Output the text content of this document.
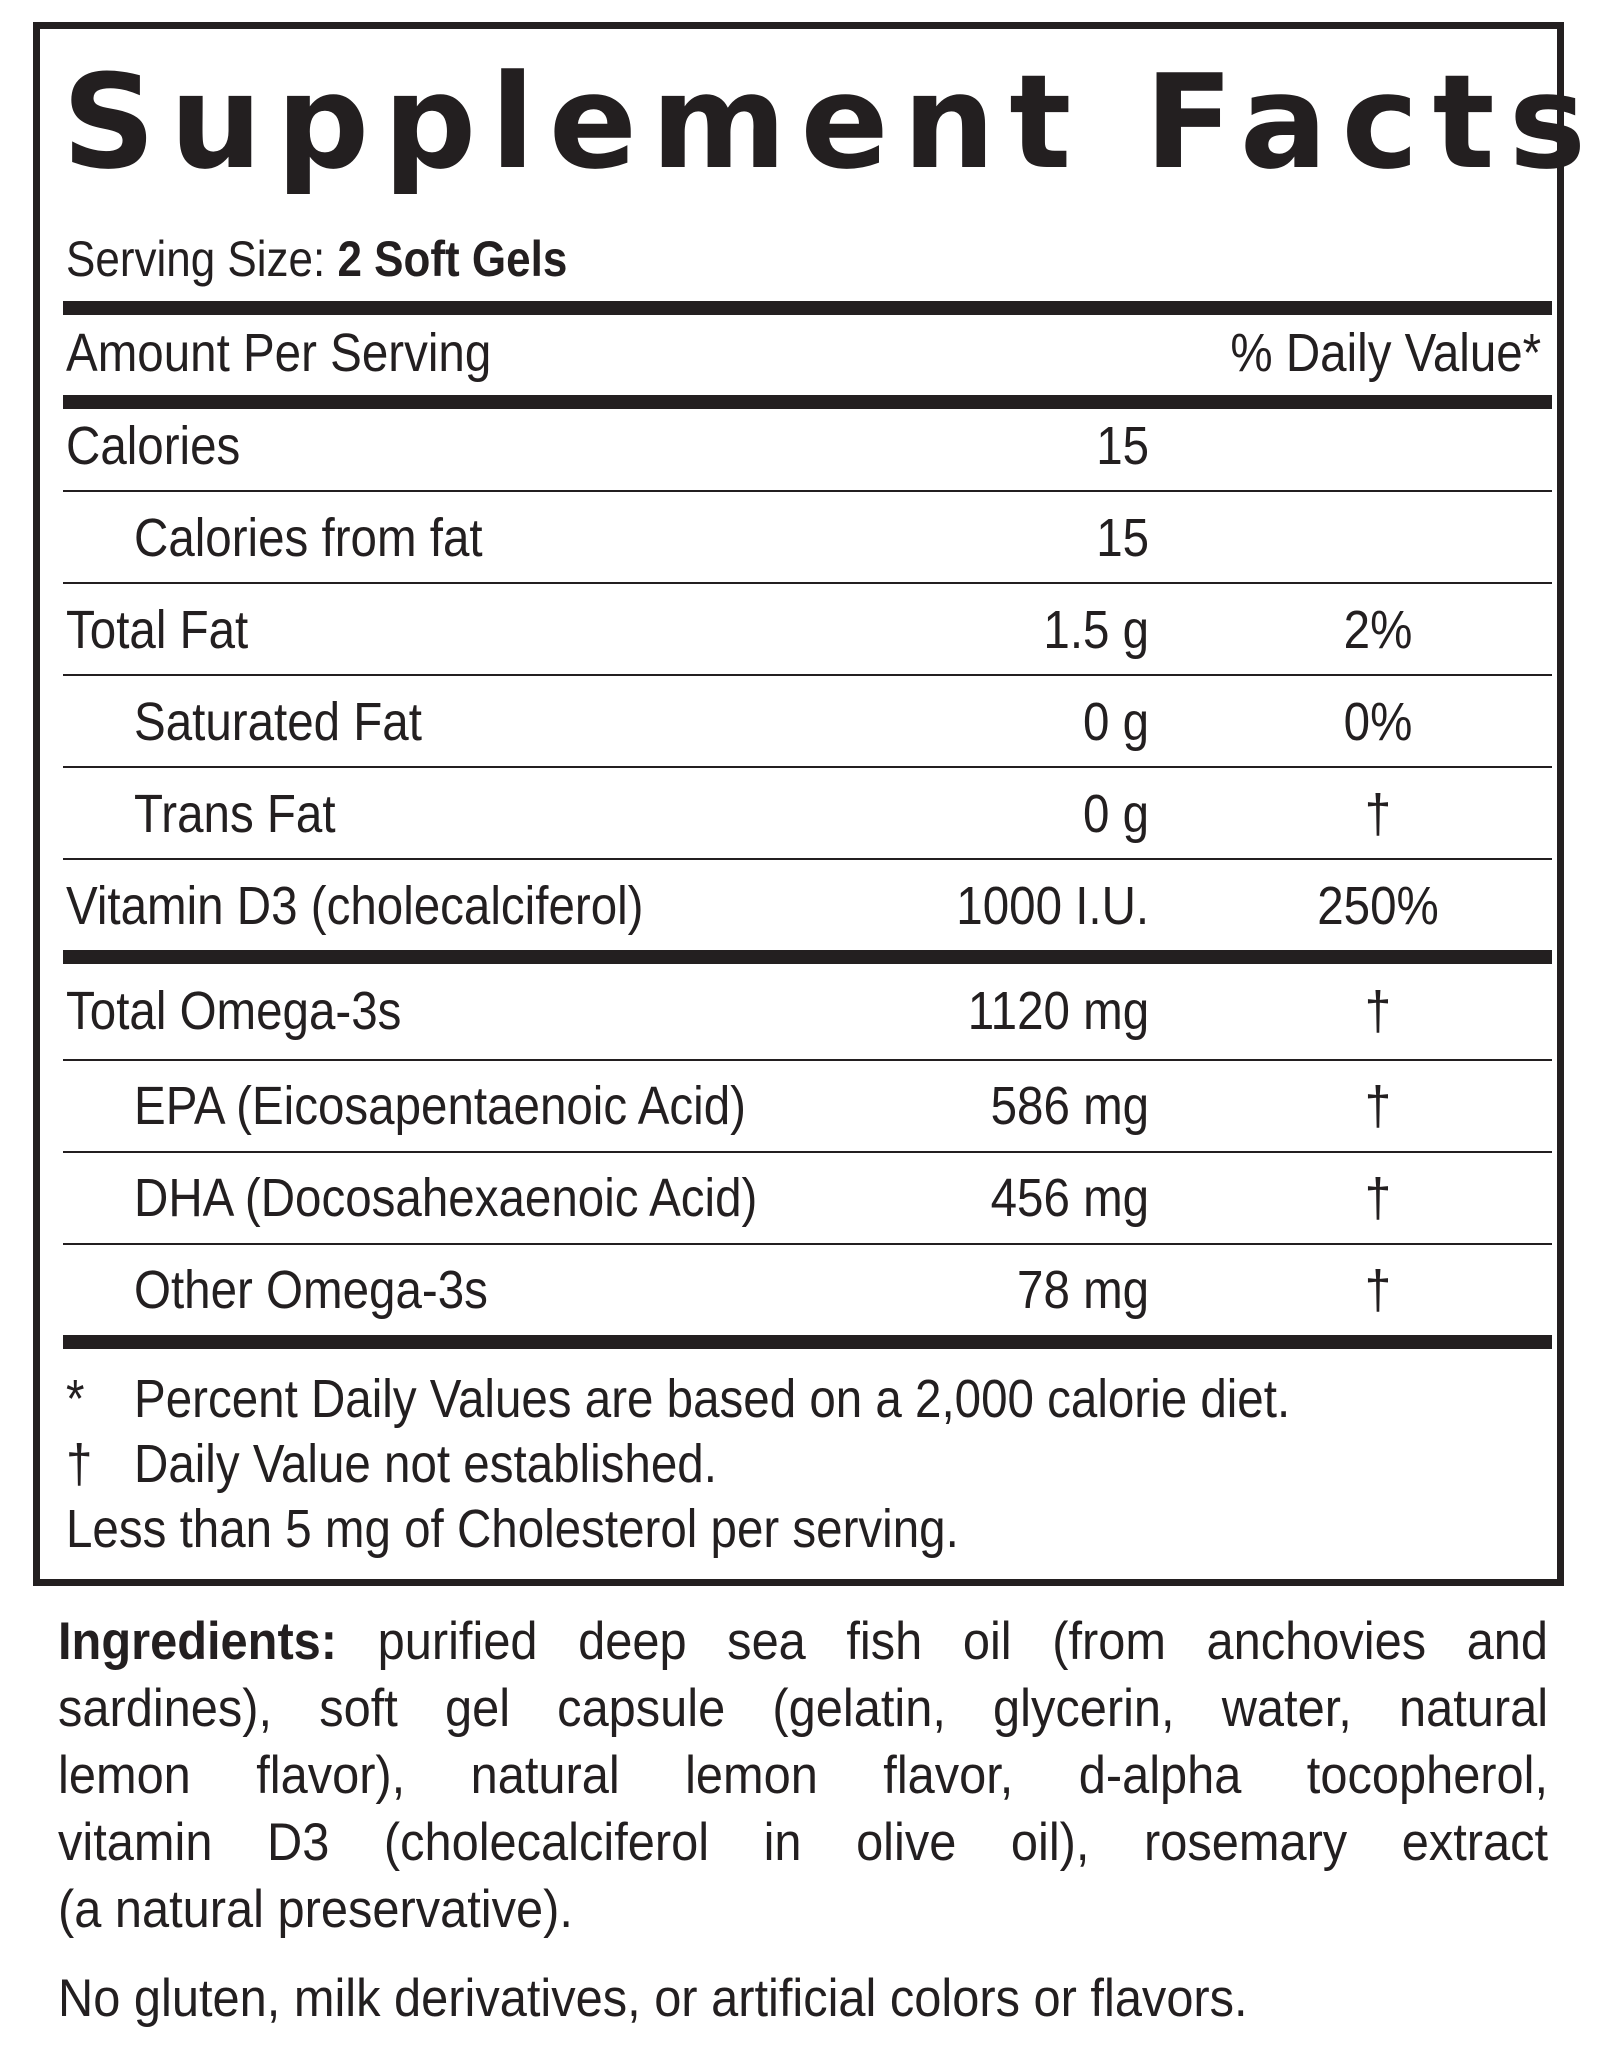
Supplement Facts
Serving Size: 2 Soft Gels
Amount Per Serving	% Daily Value*
Calories	15
Calories from fat	15
Total Fat	1.5 g	2%
Saturated Fat	0 g	0%
Trans Fat	0 g	†
Vitamin D3 (cholecalciferol)	1000 I.U.	250%
Total Omega-3s	1120 mg	†
EPA (Eicosapentaenoic Acid)	586 mg	†
DHA (Docosahexaenoic Acid)	456 mg	†
Other Omega-3s	78 mg	†
* Percent Daily Values are based on a 2,000 calorie diet.
† Daily Value not established.
Less than 5 mg of Cholesterol per serving.
Ingredients: purified deep sea fish oil (from anchovies and
sardines), soft gel capsule (gelatin, glycerin, water, natural
lemon flavor), natural lemon flavor, d-alpha tocopherol,
vitamin D3 (cholecalciferol in olive oil), rosemary extract
(a natural preservative).
No gluten, milk derivatives, or artificial colors or flavors.
